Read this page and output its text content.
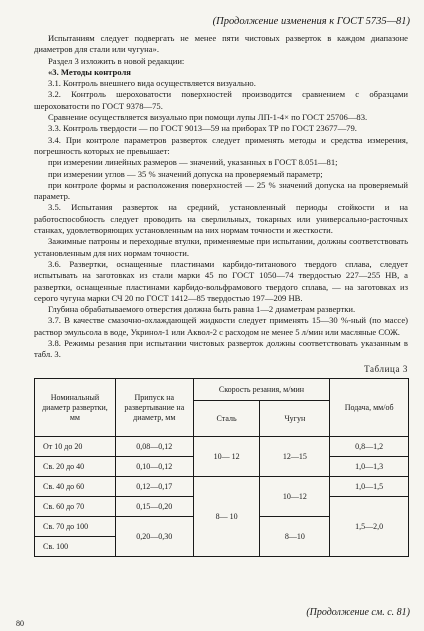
(Продолжение изменения к ГОСТ 5735—81)

Испытаниям следует подвергать не менее пяти чистовых разверток в каждом диапазоне диаметров для стали или чугуна».

Раздел 3 изложить в новой редакции:

«3. Методы контроля

3.1. Контроль внешнего вида осуществляется визуально.

3.2. Контроль шероховатости поверхностей производится сравнением с образцами шероховатости по ГОСТ 9378—75.

Сравнение осуществляется визуально при помощи лупы ЛП-1-4× по ГОСТ 25706—83.

3.3. Контроль твердости — по ГОСТ 9013—59 на приборах ТР по ГОСТ 23677—79.

3.4. При контроле параметров разверток следует применять методы и средства измерения, погрешность которых не превышает:

при измерении линейных размеров — значений, указанных в ГОСТ 8.051—81;

при измерении углов — 35 % значений допуска на проверяемый параметр;

при контроле формы и расположения поверхностей — 25 % значений допуска на проверяемый параметр.

3.5. Испытания разверток на средний, установленный периоды стойкости и на работоспособность следует проводить на сверлильных, токарных или универсально-расточных станках, удовлетворяющих установленным на них нормам точности и жесткости.

Зажимные патроны и переходные втулки, применяемые при испытании, должны соответствовать установленным для них нормам точности.

3.6. Развертки, оснащенные пластинами карбидо-титанового твердого сплава, следует испытывать на заготовках из стали марки 45 по ГОСТ 1050—74 твердостью 227—255 НВ, а развертки, оснащенные пластинами карбидо-вольфрамового твердого сплава, — на заготовках из серого чугуна марки СЧ 20 по ГОСТ 1412—85 твердостью 197—209 НВ.

Глубина обрабатываемого отверстия должна быть равна 1—2 диаметрам развертки.

3.7. В качестве смазочно-охлаждающей жидкости следует применять 15—30 %-ный (по массе) раствор эмульсола в воде, Укринол-1 или Аквол-2 с расходом не менее 5 л/мин или масляные СОЖ.

3.8. Режимы резания при испытании чистовых разверток должны соответствовать указанным в табл. 3.

Таблица 3
Номинальный диаметр развертки, мм	Припуск на развертывание на диаметр, мм	Скорость резания, м/мин		Подача, мм/об
		Сталь	Чугун	
От 10 до 20	0,08—0,12	10— 12	12—15	0,8—1,2
Св. 20 до 40	0,10—0,12			1,0—1,3
Св. 40 до 60	0,12—0,17	8— 10	10—12	1,0—1,5
Св. 60 до 70	0,15—0,20			1,5—2,0
Св. 70 до 100	0,20—0,30		8—10	
Св. 100				
(Продолжение см. с. 81)
80
